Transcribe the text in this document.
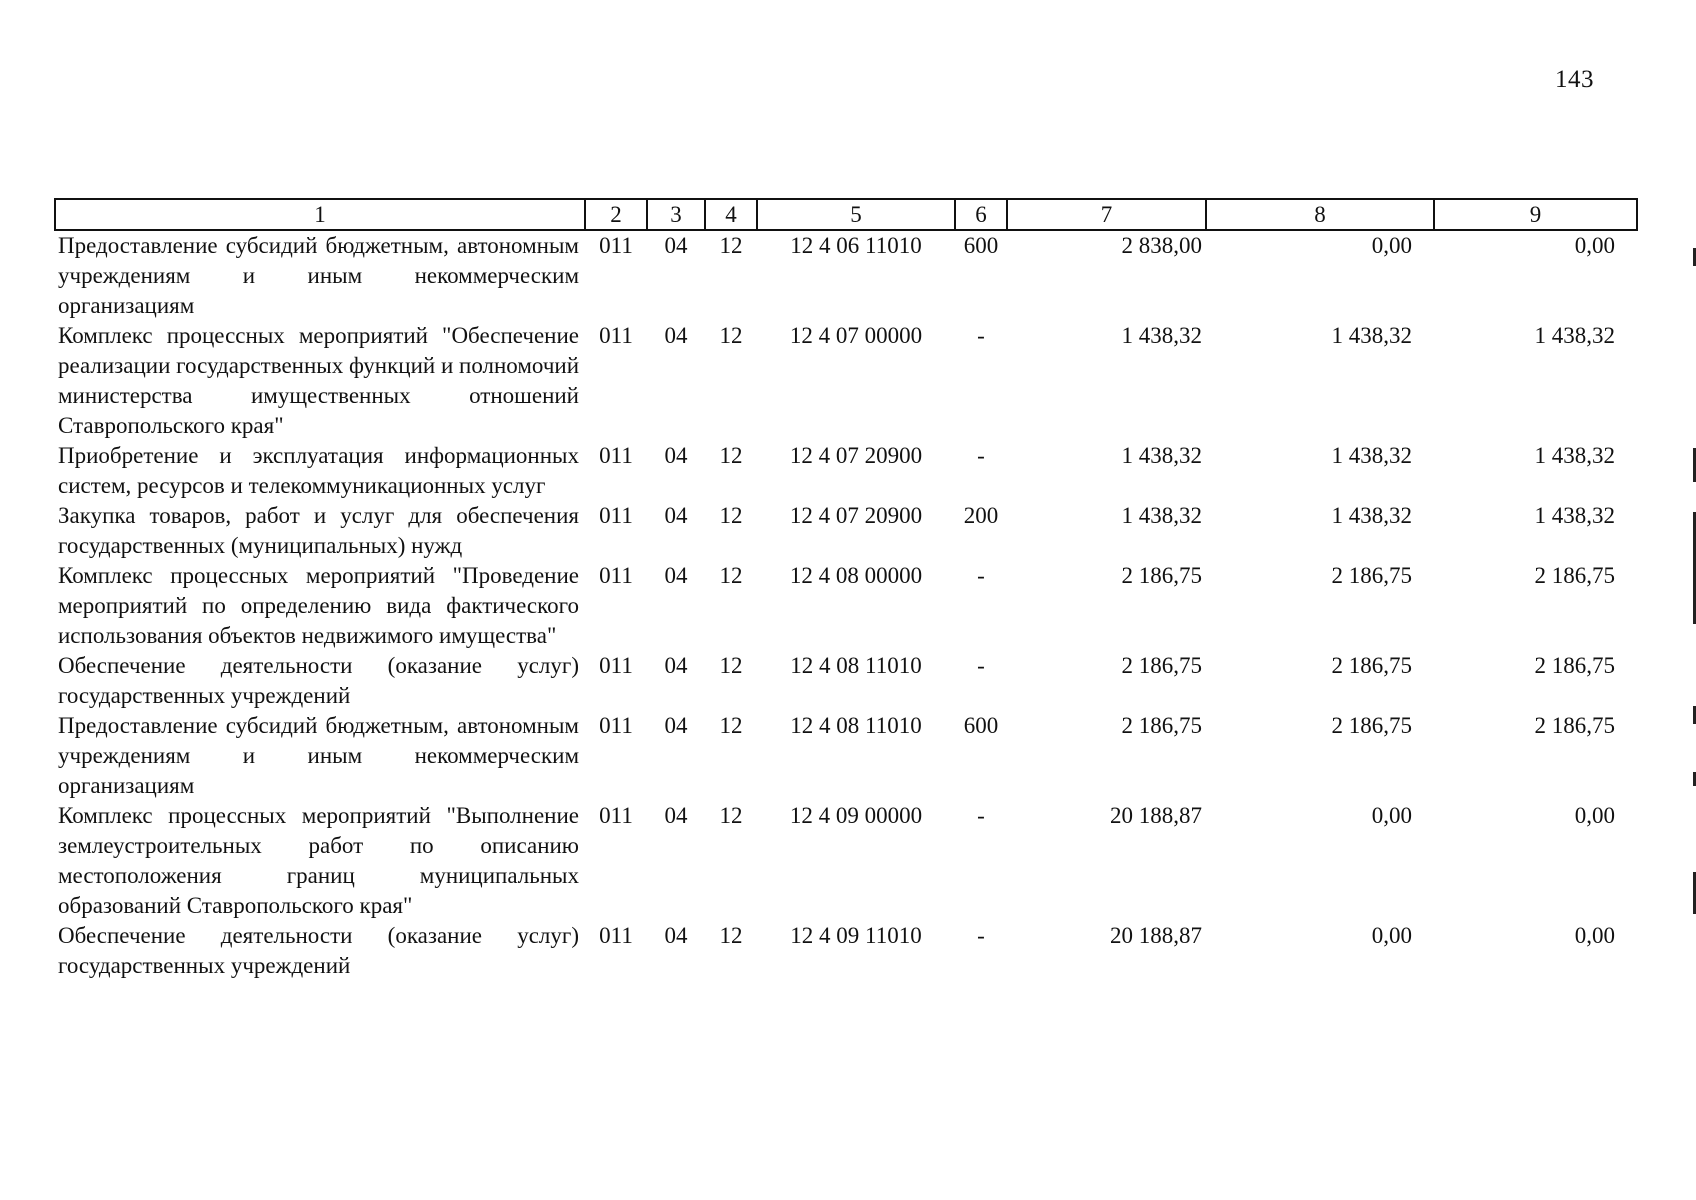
143
1	2	3	4	5	6	7	8	9
Предоставление субсидий бюджетным, автономным учреждениям и иным некоммерческим организациям	011	04	12	12 4 06 11010	600	2 838,00	0,00	0,00
Комплекс процессных мероприятий "Обеспечение реализации государственных функций и полномочий министерства имущественных отношений Ставропольского края"	011	04	12	12 4 07 00000	-	1 438,32	1 438,32	1 438,32
Приобретение и эксплуатация информационных систем, ресурсов и телекоммуникационных услуг	011	04	12	12 4 07 20900	-	1 438,32	1 438,32	1 438,32
Закупка товаров, работ и услуг для обеспечения государственных (муниципальных) нужд	011	04	12	12 4 07 20900	200	1 438,32	1 438,32	1 438,32
Комплекс процессных мероприятий "Проведение мероприятий по определению вида фактического использования объектов недвижимого имущества"	011	04	12	12 4 08 00000	-	2 186,75	2 186,75	2 186,75
Обеспечение деятельности (оказание услуг) государственных учреждений	011	04	12	12 4 08 11010	-	2 186,75	2 186,75	2 186,75
Предоставление субсидий бюджетным, автономным учреждениям и иным некоммерческим организациям	011	04	12	12 4 08 11010	600	2 186,75	2 186,75	2 186,75
Комплекс процессных мероприятий "Выполнение землеустроительных работ по описанию местоположения границ муниципальных образований Ставропольского края"	011	04	12	12 4 09 00000	-	20 188,87	0,00	0,00
Обеспечение деятельности (оказание услуг) государственных учреждений	011	04	12	12 4 09 11010	-	20 188,87	0,00	0,00
